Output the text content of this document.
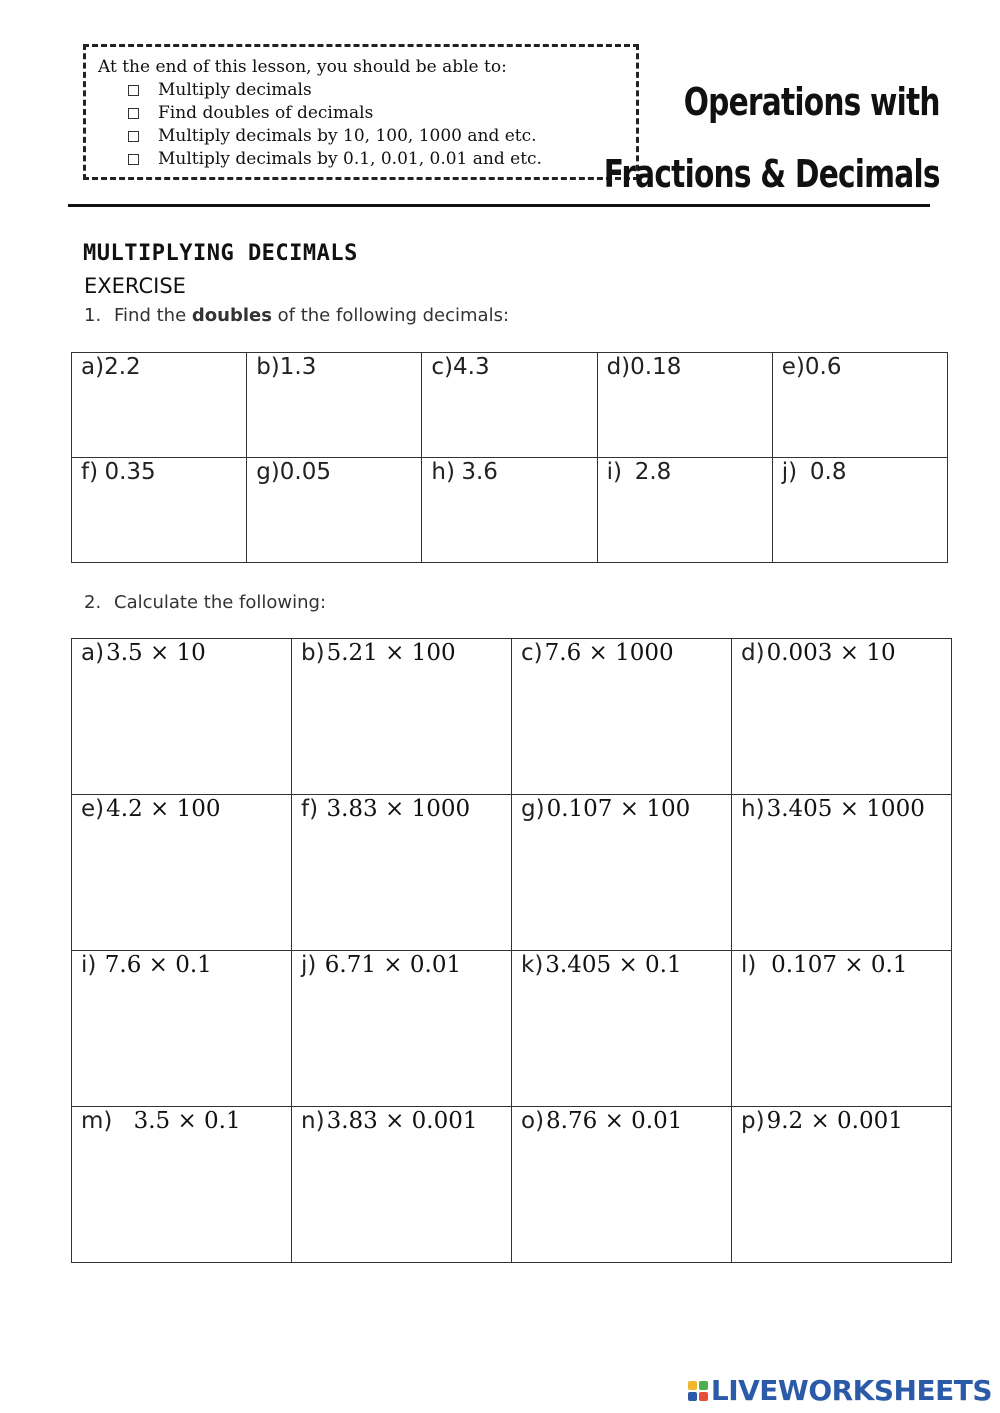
At the end of this lesson, you should be able to:
Multiply decimals
Find doubles of decimals
Multiply decimals by 10, 100, 1000 and etc.
Multiply decimals by 0.1, 0.01, 0.01 and etc.
Operations with
Fractions & Decimals
MULTIPLYING DECIMALS
EXERCISE
1. Find the doubles of the following decimals:
a)2.2	b)1.3	c)4.3	d)0.18	e)0.6
f) 0.35	g)0.05	h) 3.6	i) 2.8	j) 0.8
2. Calculate the following:
a)3.5 × 10	b)5.21 × 100	c)7.6 × 1000	d)0.003 × 10
e)4.2 × 100	f) 3.83 × 1000	g)0.107 × 100	h)3.405 × 1000
i) 7.6 × 0.1	j) 6.71 × 0.01	k)3.405 × 0.1	l) 0.107 × 0.1
m) 3.5 × 0.1	n)3.83 × 0.001	o)8.76 × 0.01	p)9.2 × 0.001
LIVEWORKSHEETS
